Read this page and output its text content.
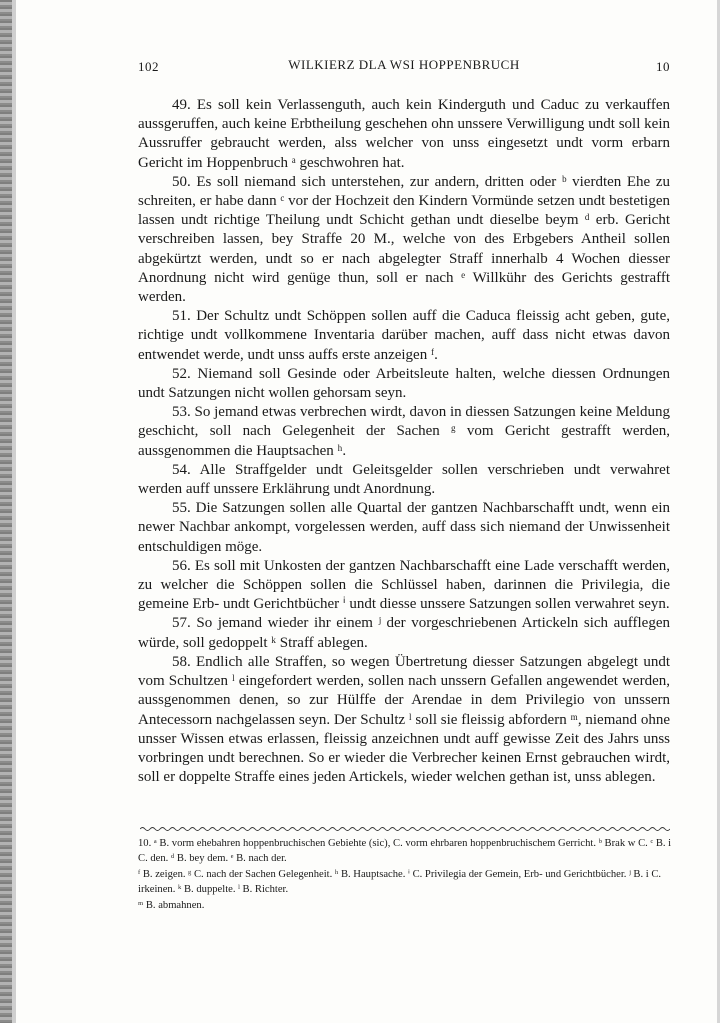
102	WILKIERZ DLA WSI HOPPENBRUCH	10

49. Es soll kein Verlassenguth, auch kein Kinderguth und Caduc zu verkauffen aussgeruffen, auch keine Erbtheilung geschehen ohn unssere Verwilligung undt soll kein Aussruffer gebraucht werden, alss welcher von unss eingesetzt undt vorm erbarn Gericht im Hoppenbruch ᵃ geschwohren hat.

50. Es soll niemand sich unterstehen, zur andern, dritten oder ᵇ vierdten Ehe zu schreiten, er habe dann ᶜ vor der Hochzeit den Kindern Vormünde setzen undt bestetigen lassen undt richtige Theilung undt Schicht gethan undt dieselbe beym ᵈ erb. Gericht verschreiben lassen, bey Straffe 20 M., welche von des Erbgebers Antheil sollen abgekürtzt werden, undt so er nach abgelegter Straff innerhalb 4 Wochen diesser Anordnung nicht wird genüge thun, soll er nach ᵉ Willkühr des Gerichts gestrafft werden.

51. Der Schultz undt Schöppen sollen auff die Caduca fleissig acht geben, gute, richtige undt vollkommene Inventaria darüber machen, auff dass nicht etwas davon entwendet werde, undt unss auffs erste anzeigen ᶠ.

52. Niemand soll Gesinde oder Arbeitsleute halten, welche diessen Ordnungen undt Satzungen nicht wollen gehorsam seyn.

53. So jemand etwas verbrechen wirdt, davon in diessen Satzungen keine Meldung geschicht, soll nach Gelegenheit der Sachen ᵍ vom Gericht gestrafft werden, aussgenommen die Hauptsachen ʰ.

54. Alle Straffgelder undt Geleitsgelder sollen verschrieben undt verwahret werden auff unssere Erklährung undt Anordnung.

55. Die Satzungen sollen alle Quartal der gantzen Nachbarschafft undt, wenn ein newer Nachbar ankompt, vorgelessen werden, auff dass sich niemand der Unwissenheit entschuldigen möge.

56. Es soll mit Unkosten der gantzen Nachbarschafft eine Lade verschafft werden, zu welcher die Schöppen sollen die Schlüssel haben, darinnen die Privilegia, die gemeine Erb- undt Gerichtbücher ⁱ undt diesse unssere Satzungen sollen verwahret seyn.

57. So jemand wieder ihr einem ʲ der vorgeschriebenen Artickeln sich aufflegen würde, soll gedoppelt ᵏ Straff ablegen.

58. Endlich alle Straffen, so wegen Übertretung diesser Satzungen abgelegt undt vom Schultzen ˡ eingefordert werden, sollen nach unssern Gefallen angewendet werden, aussgenommen denen, so zur Hülffe der Arendae in dem Privilegio von unssern Antecessorn nachgelassen seyn. Der Schultz ˡ soll sie fleissig abfordern ᵐ, niemand ohne unsser Wissen etwas erlassen, fleissig anzeichnen undt auff gewisse Zeit des Jahrs unss vorbringen undt berechnen. So er wieder die Verbrecher keinen Ernst gebrauchen wirdt, soll er doppelte Straffe eines jeden Artickels, wieder welchen gethan ist, unss ablegen.

10. ᵃ B. vorm ehebahren hoppenbruchischen Gebiehte (sic), C. vorm ehrbaren hoppenbruchischem Gerricht. ᵇ Brak w C. ᶜ B. i C. den. ᵈ B. bey dem. ᵉ B. nach der.
ᶠ B. zeigen. ᵍ C. nach der Sachen Gelegenheit. ʰ B. Hauptsache. ⁱ C. Privilegia der Gemein, Erb- und Gerichtbücher. ʲ B. i C. irkeinen. ᵏ B. duppelte. ˡ B. Richter.
ᵐ B. abmahnen.
